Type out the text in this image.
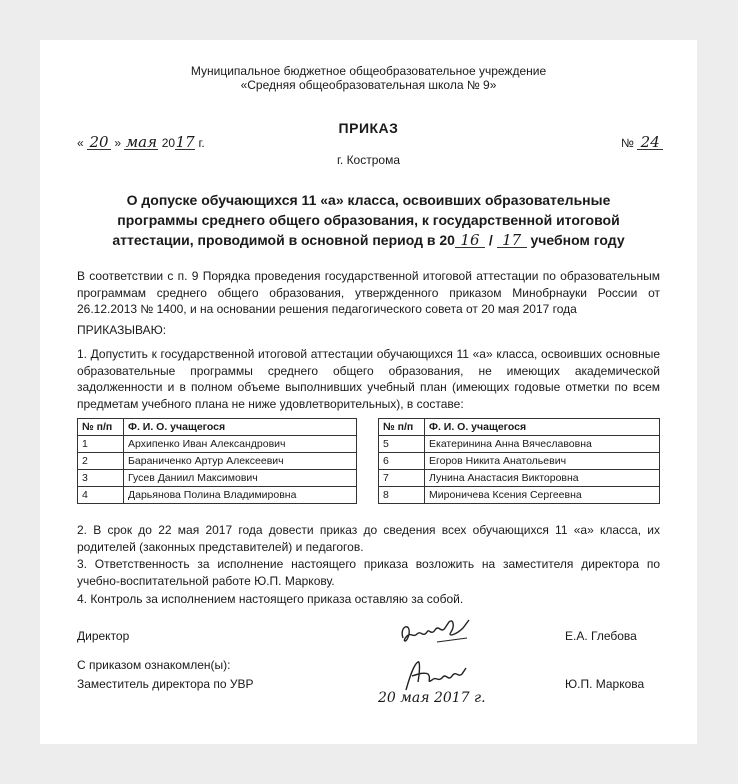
Муниципальное бюджетное общеобразовательное учреждение
«Средняя общеобразовательная школа № 9»
ПРИКАЗ
« 20 » мая 2017 г.	№ 24
г. Кострома
О допуске обучающихся 11 «а» класса, освоивших образовательные
программы среднего общего образования, к государственной итоговой
аттестации, проводимой в основной период в 20 16 / 17 учебном году
В соответствии с п. 9 Порядка проведения государственной итоговой аттестации по образовательным программам среднего общего образования, утвержденного приказом Минобрнауки России от 26.12.2013 № 1400, и на основании решения педагогического совета от 20 мая 2017 года
ПРИКАЗЫВАЮ:
1. Допустить к государственной итоговой аттестации обучающихся 11 «а» класса, освоивших основные образовательные программы среднего общего образования, не имеющих академической задолженности и в полном объеме выполнивших учебный план (имеющих годовые отметки по всем предметам учебного плана не ниже удовлетворительных), в составе:
№ п/п	Ф. И. О. учащегося
1	Архипенко Иван Александрович
2	Бараниченко Артур Алексеевич
3	Гусев Даниил Максимович
4	Дарьянова Полина Владимировна
№ п/п	Ф. И. О. учащегося
5	Екатеринина Анна Вячеславовна
6	Егоров Никита Анатольевич
7	Лунина Анастасия Викторовна
8	Мироничева Ксения Сергеевна
2. В срок до 22 мая 2017 года довести приказ до сведения всех обучающихся 11 «а» класса, их родителей (законных представителей) и педагогов.
3. Ответственность за исполнение настоящего приказа возложить на заместителя директора по учебно-воспитательной работе Ю.П. Маркову.
4. Контроль за исполнением настоящего приказа оставляю за собой.
Директор	Е.А. Глебова
С приказом ознакомлен(ы):
Заместитель директора по УВР
20 мая 2017 г.
Ю.П. Маркова
